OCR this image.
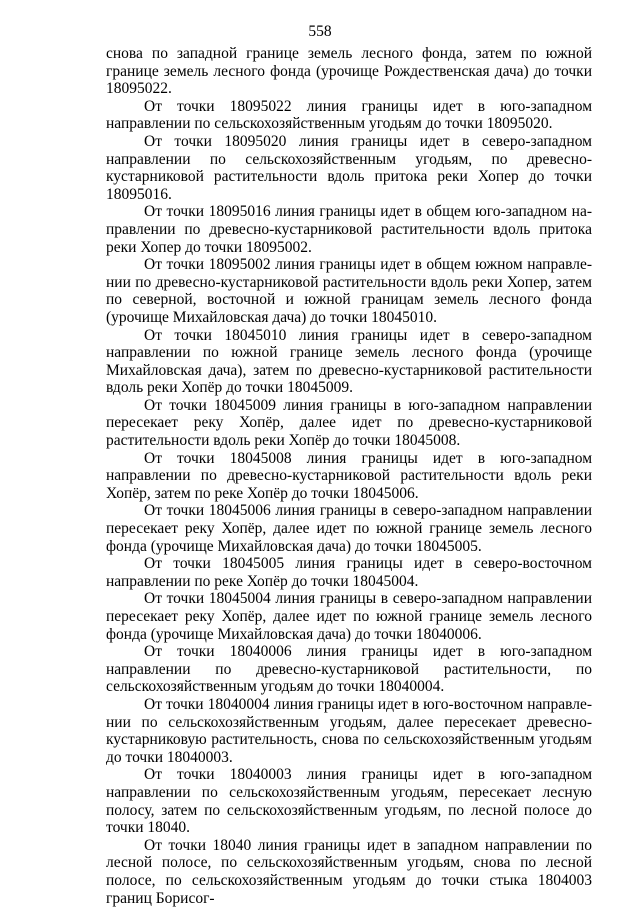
558

снова по западной границе земель лесного фонда, затем по южной границе земель лесного фонда (урочище Рождественская дача) до точки 18095022.

От точки 18095022 линия границы идет в юго-западном направлении по сельскохозяйственным угодьям до точки 18095020.

От точки 18095020 линия границы идет в северо-западном направлении по сельскохозяйственным угодьям, по древесно-кустарниковой растительности вдоль притока реки Хопер до точки 18095016.

От точки 18095016 линия границы идет в общем юго-западном направлении по древесно-кустарниковой растительности вдоль притока реки Хопер до точки 18095002.

От точки 18095002 линия границы идет в общем южном направлении по древесно-кустарниковой растительности вдоль реки Хопер, затем по северной, восточной и южной границам земель лесного фонда (урочище Михайловская дача) до точки 18045010.

От точки 18045010 линия границы идет в северо-западном направлении по южной границе земель лесного фонда (урочище Михайловская дача), затем по древесно-кустарниковой растительности вдоль реки Хопёр до точки 18045009.

От точки 18045009 линия границы в юго-западном направлении пересекает реку Хопёр, далее идет по древесно-кустарниковой растительности вдоль реки Хопёр до точки 18045008.

От точки 18045008 линия границы идет в юго-западном направлении по древесно-кустарниковой растительности вдоль реки Хопёр, затем по реке Хопёр до точки 18045006.

От точки 18045006 линия границы в северо-западном направлении пересекает реку Хопёр, далее идет по южной границе земель лесного фонда (урочище Михайловская дача) до точки 18045005.

От точки 18045005 линия границы идет в северо-восточном направлении по реке Хопёр до точки 18045004.

От точки 18045004 линия границы в северо-западном направлении пересекает реку Хопёр, далее идет по южной границе земель лесного фонда (урочище Михайловская дача) до точки 18040006.

От точки 18040006 линия границы идет в юго-западном направлении по древесно-кустарниковой растительности, по сельскохозяйственным угодьям до точки 18040004.

От точки 18040004 линия границы идет в юго-восточном направлении по сельскохозяйственным угодьям, далее пересекает древесно-кустарниковую растительность, снова по сельскохозяйственным угодьям до точки 18040003.

От точки 18040003 линия границы идет в юго-западном направлении по сельскохозяйственным угодьям, пересекает лесную полосу, затем по сельскохозяйственным угодьям, по лесной полосе до точки 18040.

От точки 18040 линия границы идет в западном направлении по лесной полосе, по сельскохозяйственным угодьям, снова по лесной полосе, по сельскохозяйственным угодьям до точки стыка 1804003 границ Борисог-
